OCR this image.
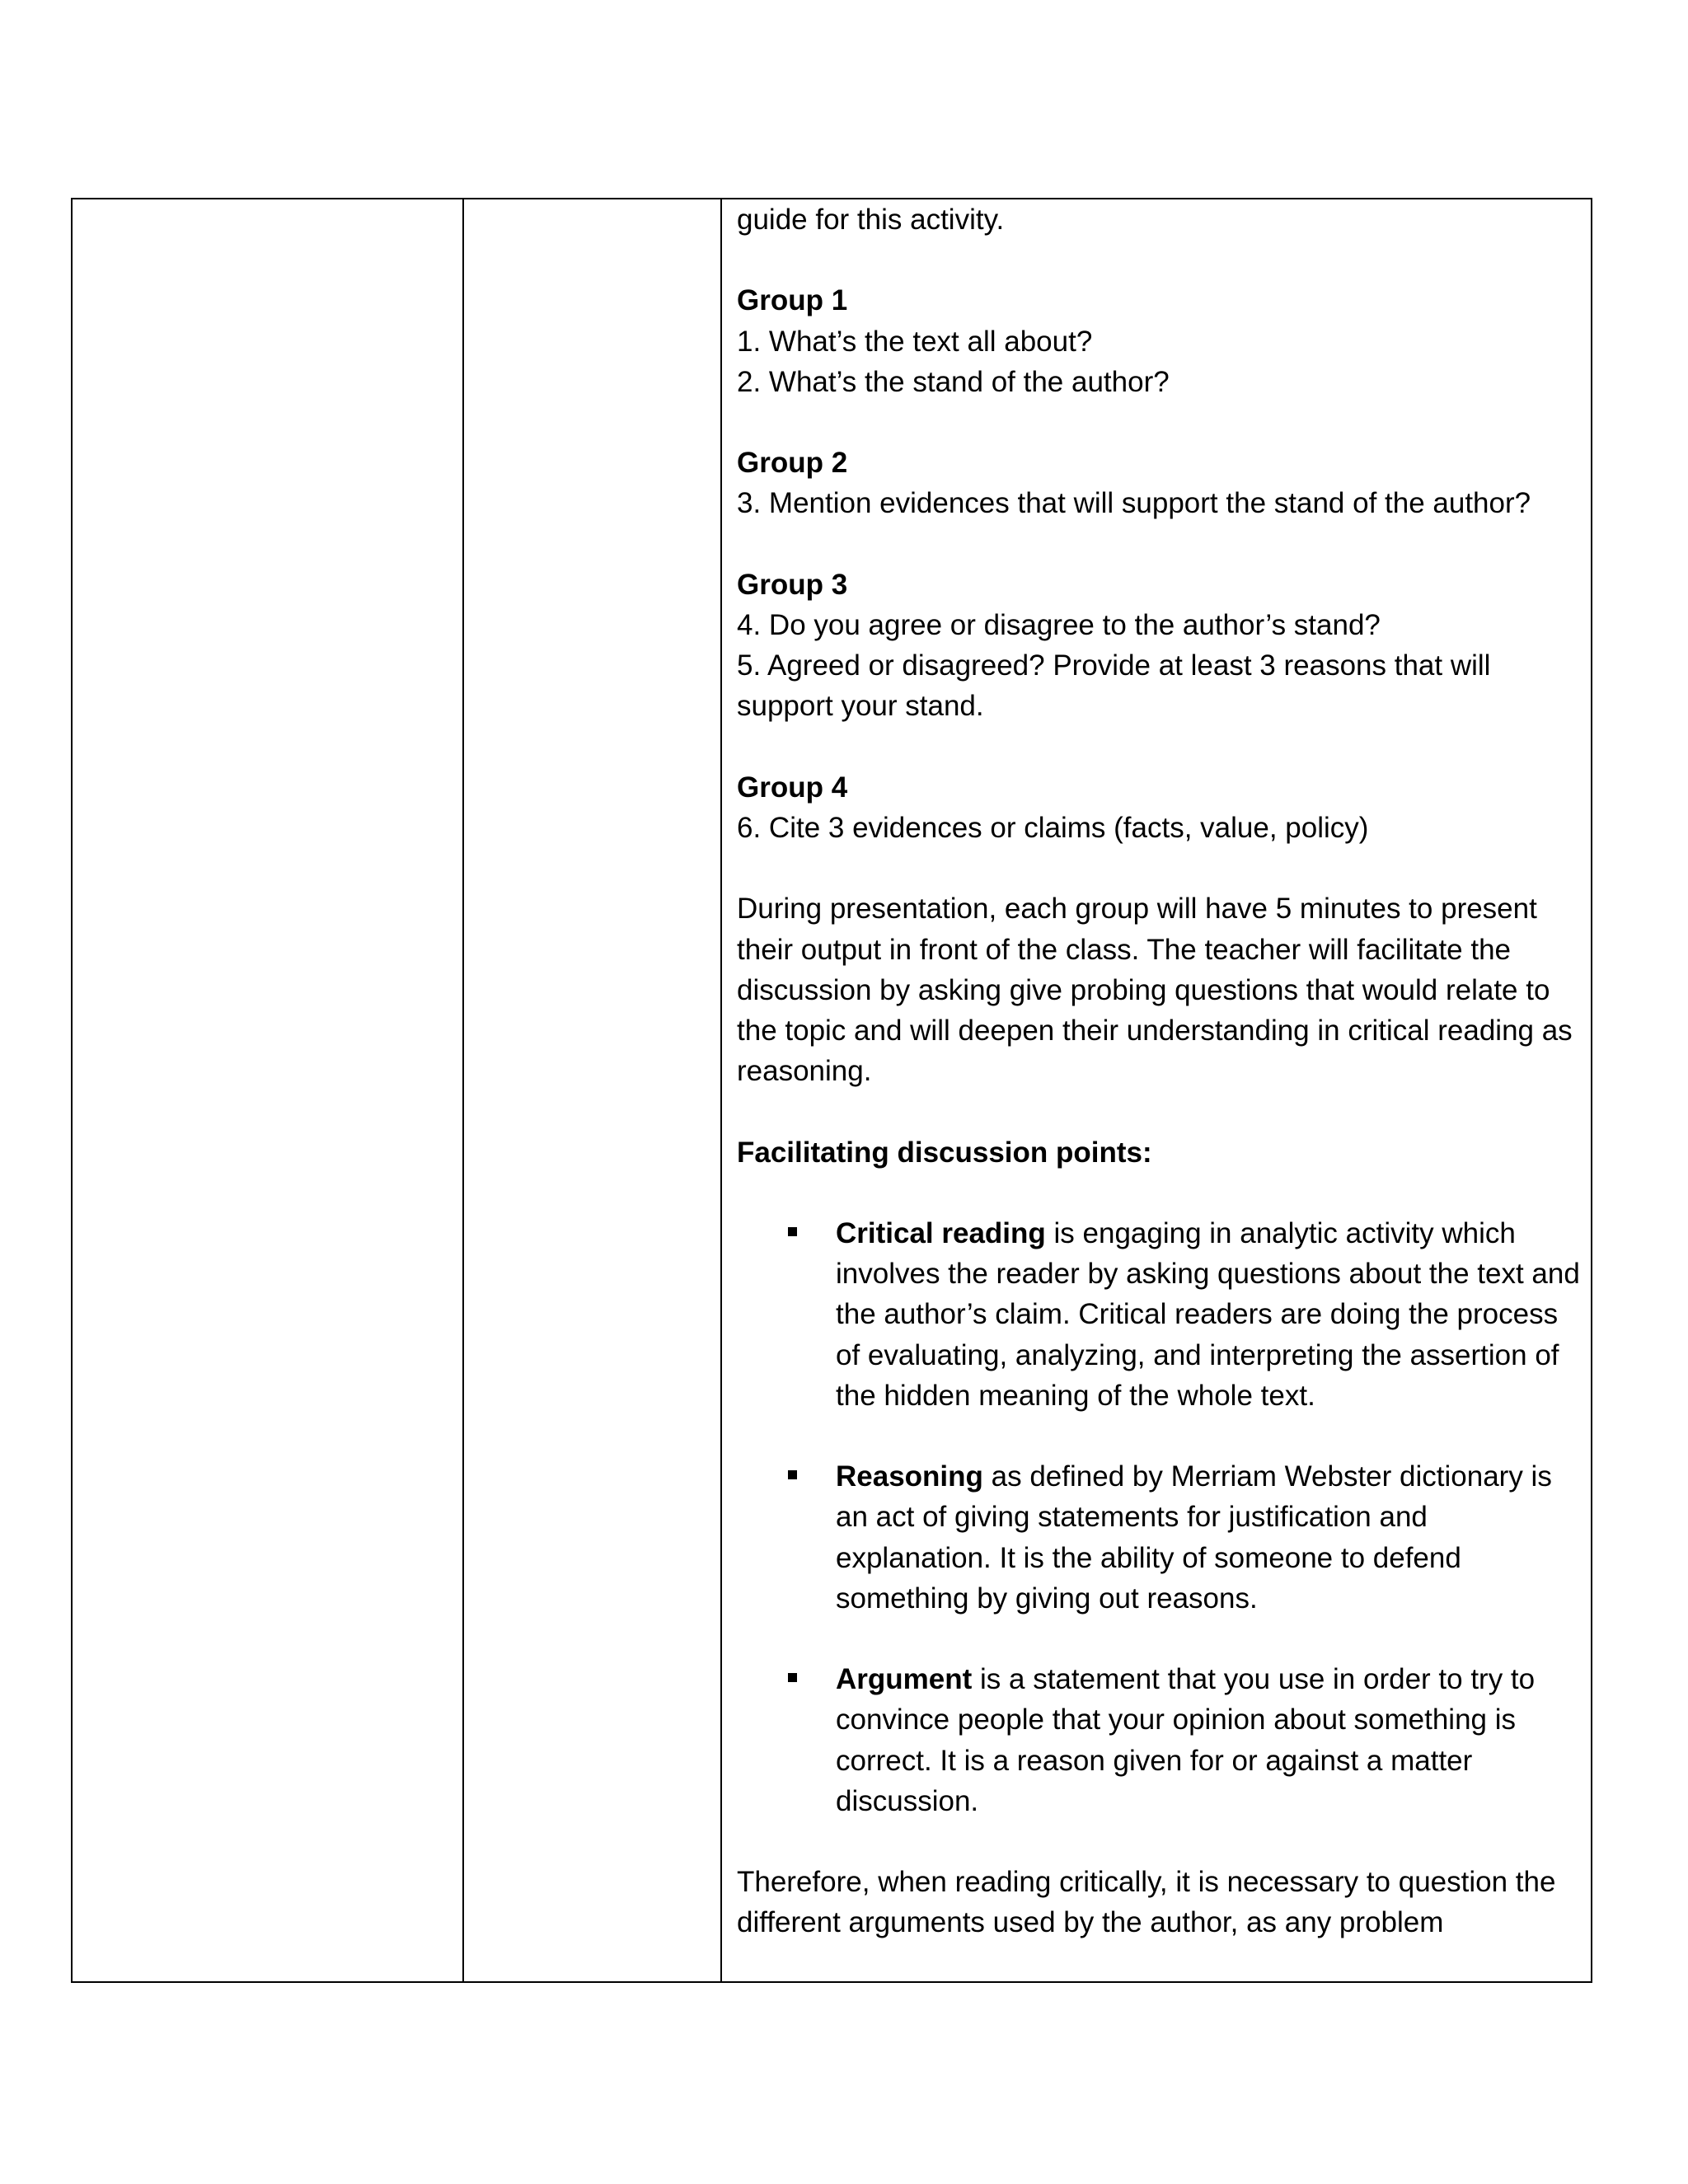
guide for this activity.

Group 1

1. What’s the text all about?

2. What’s the stand of the author?

Group 2

3. Mention evidences that will support the stand of the author?

Group 3

4. Do you agree or disagree to the author’s stand?

5. Agreed or disagreed? Provide at least 3 reasons that will support your stand.

Group 4

6. Cite 3 evidences or claims (facts, value, policy)

During presentation, each group will have 5 minutes to present their output in front of the class. The teacher will facilitate the discussion by asking give probing questions that would relate to the topic and will deepen their understanding in critical reading as reasoning.

Facilitating discussion points:

Critical reading is engaging in analytic activity which involves the reader by asking questions about the text and the author’s claim. Critical readers are doing the process of evaluating, analyzing, and interpreting the assertion of the hidden meaning of the whole text.
Reasoning as defined by Merriam Webster dictionary is an act of giving statements for justification and explanation. It is the ability of someone to defend something by giving out reasons.
Argument is a statement that you use in order to try to convince people that your opinion about something is correct. It is a reason given for or against a matter discussion.

Therefore, when reading critically, it is necessary to question the different arguments used by the author, as any problem
